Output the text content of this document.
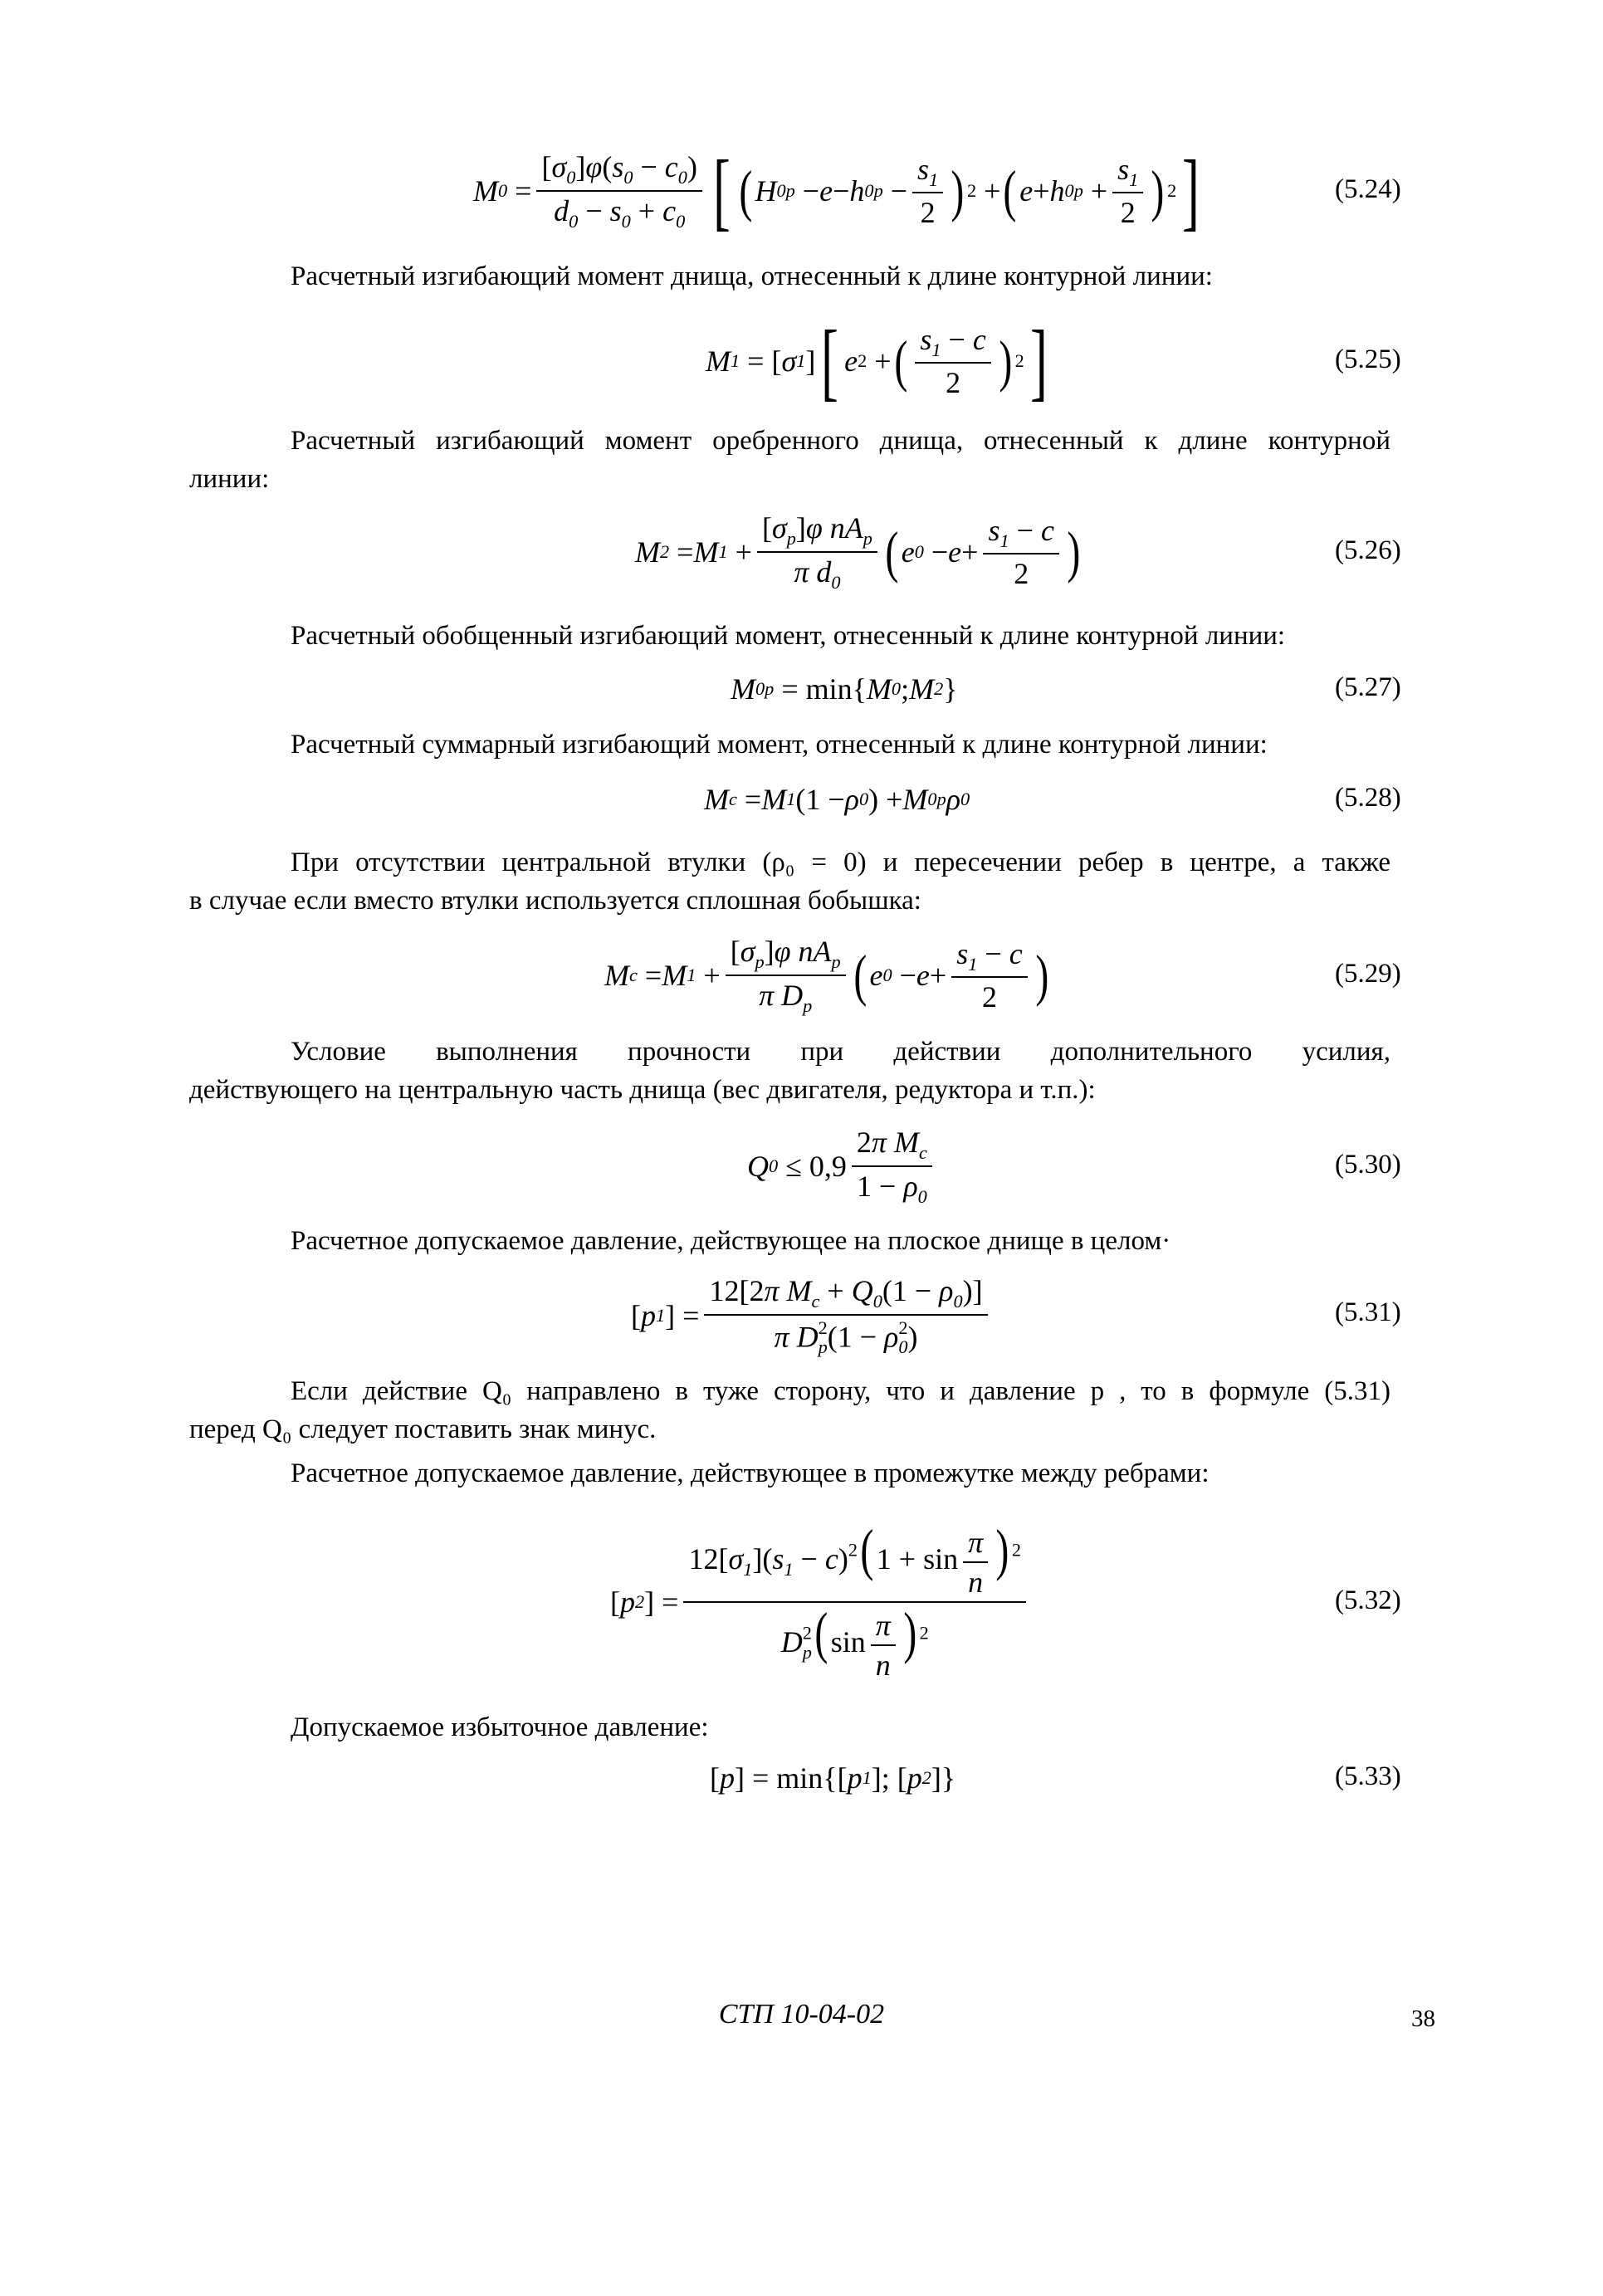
M $0 = \frac{[\sigma_0]\varphi(s_0 - c_0)}{d_0 - s_0 + c_0}$ [ ( H 0p − e − h $0p - \frac{s_1}{2}$ ) 2 + ( e + h $0p + \frac{s_1}{2}$ ) 2 ]	(5.24)
Расчетный изгибающий момент днища, отнесенный к длине контурной линии:
M 1 = [ σ 1 ] [ e 2 + ( $\frac{s_1 - c}{2}$ ) 2 ]	(5.25)
Расчетный изгибающий момент оребренного днища, отнесенный к длине контурной
линии:
M 2 = M $1 + \frac{[\sigma_p]\varphi nA_p}{\pi d_0}$ ( e $0 - e + \frac{s_1 - c}{2}$ )	(5.26)
Расчетный обобщенный изгибающий момент, отнесенный к длине контурной линии:
M 0p = min{ M 0 ; M 2 }	(5.27)
Расчетный суммарный изгибающий момент, отнесенный к длине контурной линии:
M c = M 1 (1 − ρ 0 ) + M 0p ρ 0	(5.28)
При отсутствии центральной втулки (ρ₀ = 0) и пересечении ребер в центре, а также
в случае если вместо втулки используется сплошная бобышка:
M c = M $1 + \frac{[\sigma_p]\varphi nA_p}{\pi D_p}$ ( e $0 - e + \frac{s_1 - c}{2}$ )	(5.29)
Условие выполнения прочности при действии дополнительного усилия,
действующего на центральную часть днища (вес двигателя, редуктора и т.п.):
Q $0 \le 0,9 \frac{2\pi M_c}{1 - \rho_0}$	(5.30)
Расчетное допускаемое давление, действующее на плоское днище в целом·
[ p 1 ] = $\frac{12[2\pi M_c + Q_0(1 - \rho_0)]}{\pi D^2_p(1 - \rho^2_0)}$	(5.31)
Если действие Q₀ направлено в туже сторону, что и давление p , то в формуле (5.31)
перед Q₀ следует поставить знак минус.
Расчетное допускаемое давление, действующее в промежутке между ребрами:
[ p 2 ] = $\frac{12[\sigma_1](s_1 - c)^2(1 + \sin \frac{\pi}{n} ) ^2}{D^2_p(\sin \frac{\pi}{n} ) ^2}$	(5.32)
Допускаемое избыточное давление:
[ p ] = min{[ p 1 ]; [ p 2 ]}	(5.33)
СТП 10-04-02	38
